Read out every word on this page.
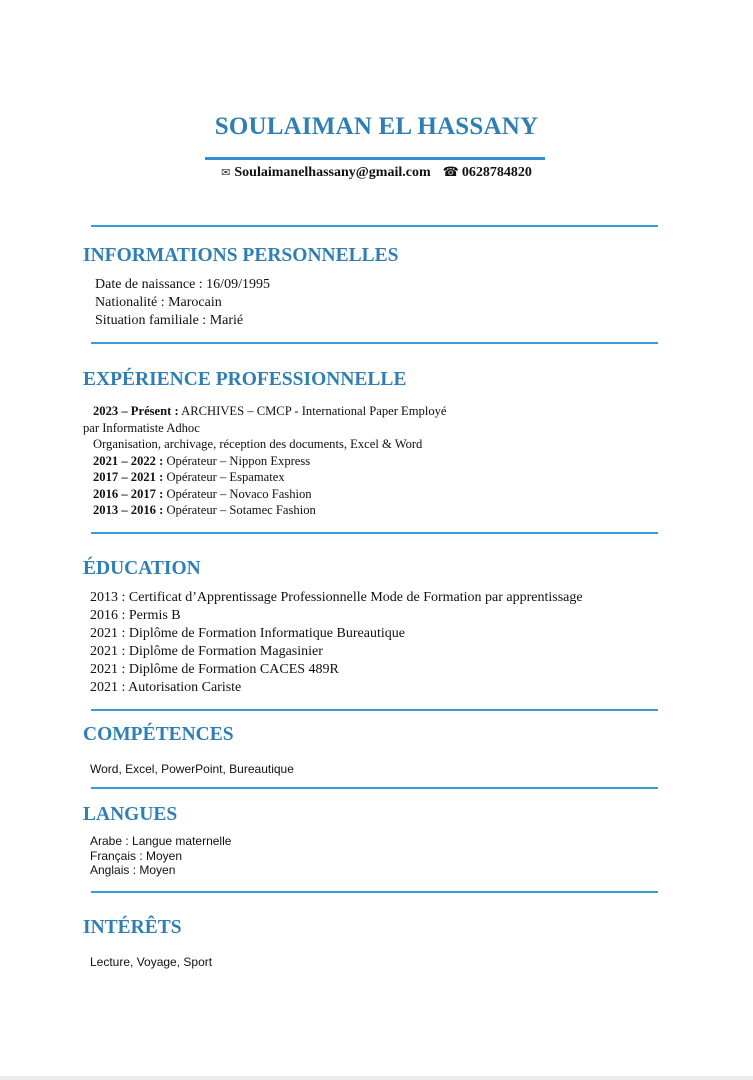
SOULAIMAN EL HASSANY
✉ Soulaimanelhassany@gmail.com ☎ 0628784820
INFORMATIONS PERSONNELLES
Date de naissance : 16/09/1995
Nationalité : Marocain
Situation familiale : Marié
EXPÉRIENCE PROFESSIONNELLE
2023 – Présent : ARCHIVES – CMCP - International Paper Employé
par Informatiste Adhoc
Organisation, archivage, réception des documents, Excel & Word
2021 – 2022 : Opérateur – Nippon Express
2017 – 2021 : Opérateur – Espamatex
2016 – 2017 : Opérateur – Novaco Fashion
2013 – 2016 : Opérateur – Sotamec Fashion
ÉDUCATION
2013 : Certificat d’Apprentissage Professionnelle Mode de Formation par apprentissage
2016 : Permis B
2021 : Diplôme de Formation Informatique Bureautique
2021 : Diplôme de Formation Magasinier
2021 : Diplôme de Formation CACES 489R
2021 : Autorisation Cariste
COMPÉTENCES
Word, Excel, PowerPoint, Bureautique
LANGUES
Arabe : Langue maternelle
Français : Moyen
Anglais : Moyen
INTÉRÊTS
Lecture, Voyage, Sport
